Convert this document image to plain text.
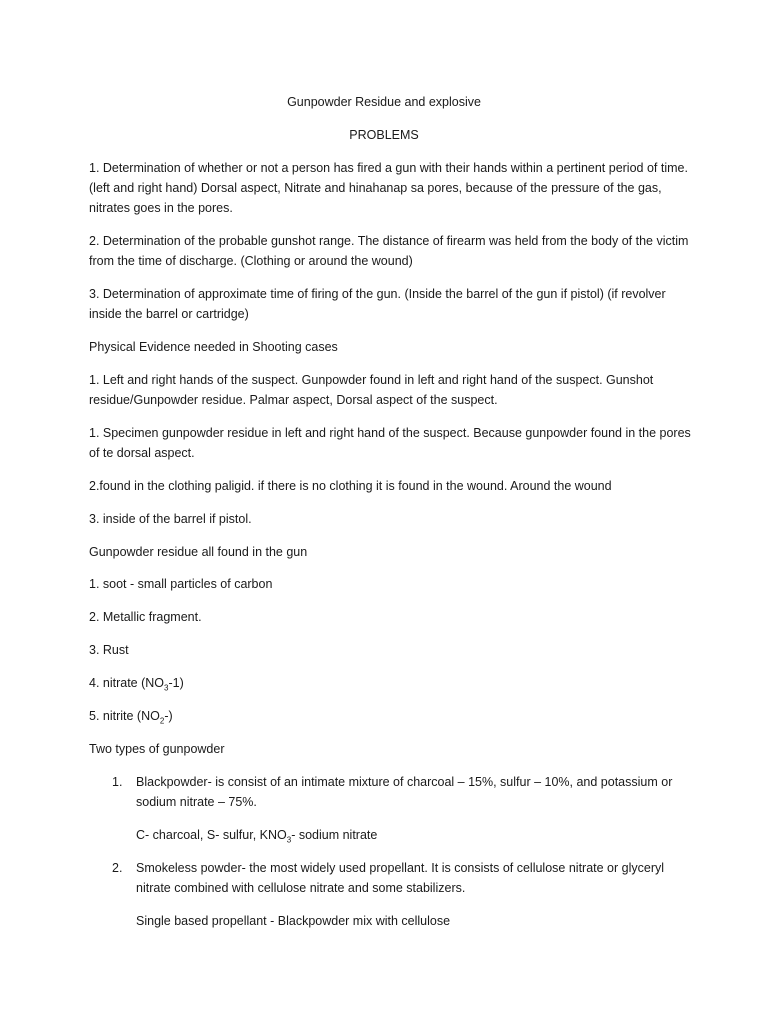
Gunpowder Residue and explosive
PROBLEMS
1. Determination of whether or not a person has fired a gun with their hands within a pertinent period of time. (left and right hand) Dorsal aspect, Nitrate and hinahanap sa pores, because of the pressure of the gas, nitrates goes in the pores.
2. Determination of the probable gunshot range. The distance of firearm was held from the body of the victim from the time of discharge. (Clothing or around the wound)
3. Determination of approximate time of firing of the gun. (Inside the barrel of the gun if pistol) (if revolver inside the barrel or cartridge)
Physical Evidence needed in Shooting cases
1. Left and right hands of the suspect. Gunpowder found in left and right hand of the suspect. Gunshot residue/Gunpowder residue. Palmar aspect, Dorsal aspect of the suspect.
1. Specimen gunpowder residue in left and right hand of the suspect. Because gunpowder found in the pores of te dorsal aspect.
2.found in the clothing paligid. if there is no clothing it is found in the wound. Around the wound
3. inside of the barrel if pistol.
Gunpowder residue all found in the gun
1. soot - small particles of carbon
2. Metallic fragment.
3. Rust
4. nitrate $(NO_3-1)$
5. nitrite $(NO_2-)$
Two types of gunpowder
1. Blackpowder- is consist of an intimate mixture of charcoal – 15%, sulfur – 10%, and potassium or sodium nitrate – 75%.
C- charcoal, S- sulfur, $KNO_3-$ sodium nitrate
2. Smokeless powder- the most widely used propellant. It is consists of cellulose nitrate or glyceryl nitrate combined with cellulose nitrate and some stabilizers.
Single based propellant - Blackpowder mix with cellulose
